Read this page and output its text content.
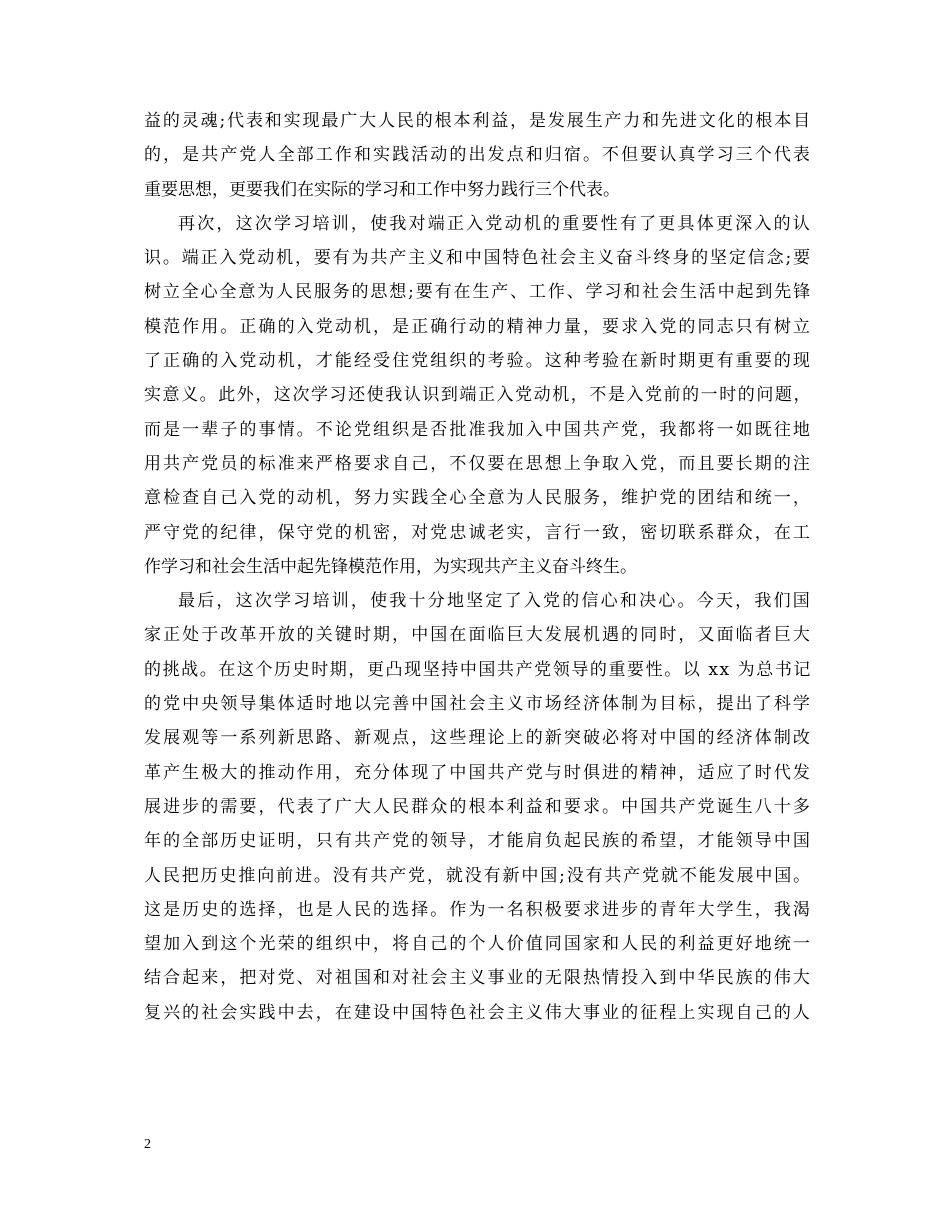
益的灵魂;代表和实现最广大人民的根本利益，是发展生产力和先进文化的根本目
的，是共产党人全部工作和实践活动的出发点和归宿。不但要认真学习三个代表
重要思想，更要我们在实际的学习和工作中努力践行三个代表。
再次，这次学习培训，使我对端正入党动机的重要性有了更具体更深入的认
识。端正入党动机，要有为共产主义和中国特色社会主义奋斗终身的坚定信念;要
树立全心全意为人民服务的思想;要有在生产、工作、学习和社会生活中起到先锋
模范作用。正确的入党动机，是正确行动的精神力量，要求入党的同志只有树立
了正确的入党动机，才能经受住党组织的考验。这种考验在新时期更有重要的现
实意义。此外，这次学习还使我认识到端正入党动机，不是入党前的一时的问题，
而是一辈子的事情。不论党组织是否批准我加入中国共产党，我都将一如既往地
用共产党员的标准来严格要求自己，不仅要在思想上争取入党，而且要长期的注
意检查自己入党的动机，努力实践全心全意为人民服务，维护党的团结和统一，
严守党的纪律，保守党的机密，对党忠诚老实，言行一致，密切联系群众，在工
作学习和社会生活中起先锋模范作用，为实现共产主义奋斗终生。
最后，这次学习培训，使我十分地坚定了入党的信心和决心。今天，我们国
家正处于改革开放的关键时期，中国在面临巨大发展机遇的同时，又面临者巨大
的挑战。在这个历史时期，更凸现坚持中国共产党领导的重要性。以 xx 为总书记
的党中央领导集体适时地以完善中国社会主义市场经济体制为目标，提出了科学
发展观等一系列新思路、新观点，这些理论上的新突破必将对中国的经济体制改
革产生极大的推动作用，充分体现了中国共产党与时俱进的精神，适应了时代发
展进步的需要，代表了广大人民群众的根本利益和要求。中国共产党诞生八十多
年的全部历史证明，只有共产党的领导，才能肩负起民族的希望，才能领导中国
人民把历史推向前进。没有共产党，就没有新中国;没有共产党就不能发展中国。
这是历史的选择，也是人民的选择。作为一名积极要求进步的青年大学生，我渴
望加入到这个光荣的组织中，将自己的个人价值同国家和人民的利益更好地统一
结合起来，把对党、对祖国和对社会主义事业的无限热情投入到中华民族的伟大
复兴的社会实践中去，在建设中国特色社会主义伟大事业的征程上实现自己的人
2
